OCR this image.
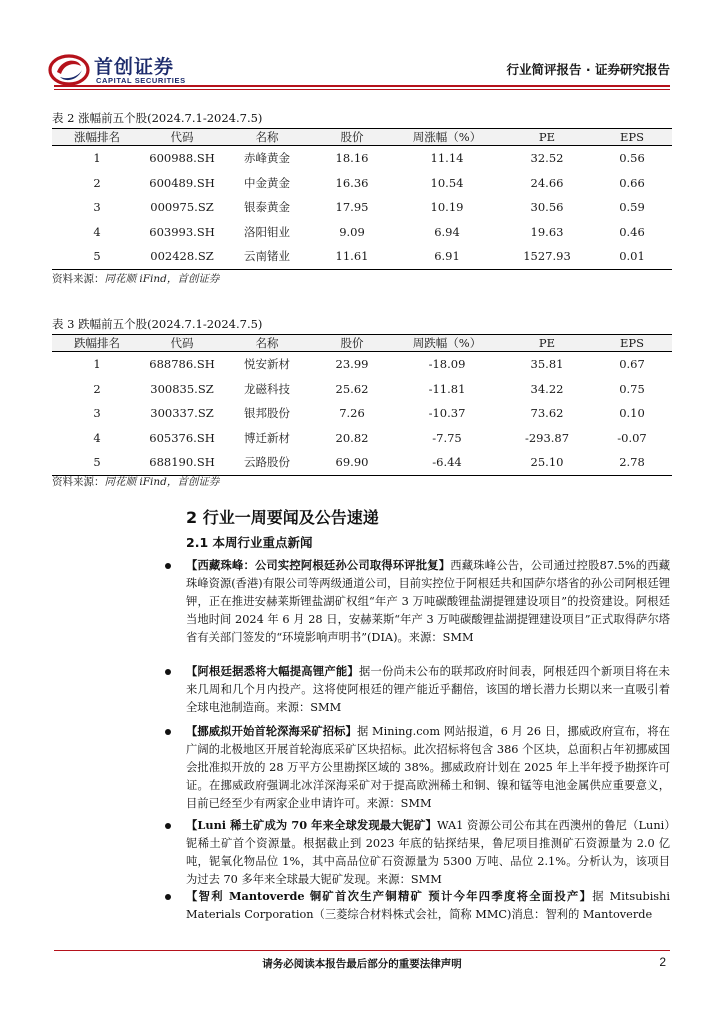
首创证券
CAPITAL SECURITIES
行业简评报告 · 证券研究报告
表 2 涨幅前五个股(2024.7.1-2024.7.5)
涨幅排名	代码	名称	股价	周涨幅（%）	PE	EPS
1	600988.SH	赤峰黄金	18.16	11.14	32.52	0.56
2	600489.SH	中金黄金	16.36	10.54	24.66	0.66
3	000975.SZ	银泰黄金	17.95	10.19	30.56	0.59
4	603993.SH	洛阳钼业	9.09	6.94	19.63	0.46
5	002428.SZ	云南锗业	11.61	6.91	1527.93	0.01
资料来源：同花顺 iFind，首创证券
表 3 跌幅前五个股(2024.7.1-2024.7.5)
跌幅排名	代码	名称	股价	周跌幅（%）	PE	EPS
1	688786.SH	悦安新材	23.99	-18.09	35.81	0.67
2	300835.SZ	龙磁科技	25.62	-11.81	34.22	0.75
3	300337.SZ	银邦股份	7.26	-10.37	73.62	0.10
4	605376.SH	博迁新材	20.82	-7.75	-293.87	-0.07
5	688190.SH	云路股份	69.90	-6.44	25.10	2.78
资料来源：同花顺 iFind，首创证券
2 行业一周要闻及公告速递
2.1 本周行业重点新闻
【西藏珠峰：公司实控阿根廷孙公司取得环评批复】西藏珠峰公告，公司通过控股87.5%的西藏珠峰资源(香港)有限公司等两级通道公司，目前实控位于阿根廷共和国萨尔塔省的孙公司阿根廷锂钾，正在推进安赫莱斯锂盐湖矿权组“年产 3 万吨碳酸锂盐湖提锂建设项目”的投资建设。阿根廷当地时间 2024 年 6 月 28 日，安赫莱斯“年产 3 万吨碳酸锂盐湖提锂建设项目”正式取得萨尔塔省有关部门签发的“环境影响声明书”(DIA)。来源：SMM
【阿根廷据悉将大幅提高锂产能】据一份尚未公布的联邦政府时间表，阿根廷四个新项目将在未来几周和几个月内投产。这将使阿根廷的锂产能近乎翻倍，该国的增长潜力长期以来一直吸引着全球电池制造商。来源：SMM
【挪威拟开始首轮深海采矿招标】据 Mining.com 网站报道，6 月 26 日，挪威政府宣布，将在广阔的北极地区开展首轮海底采矿区块招标。此次招标将包含 386 个区块，总面积占年初挪威国会批准拟开放的 28 万平方公里勘探区域的 38%。挪威政府计划在 2025 年上半年授予勘探许可证。在挪威政府强调北冰洋深海采矿对于提高欧洲稀土和铜、镍和锰等电池金属供应重要意义，目前已经至少有两家企业申请许可。来源：SMM
【Luni 稀土矿成为 70 年来全球发现最大铌矿】WA1 资源公司公布其在西澳州的鲁尼（Luni）铌稀土矿首个资源量。根据截止到 2023 年底的钻探结果，鲁尼项目推测矿石资源量为 2.0 亿吨，铌氧化物品位 1%，其中高品位矿石资源量为 5300 万吨、品位 2.1%。分析认为，该项目为过去 70 多年来全球最大铌矿发现。来源：SMM
【智利 Mantoverde 铜矿首次生产铜精矿 预计今年四季度将全面投产】据 Mitsubishi Materials Corporation（三菱综合材料株式会社，简称 MMC)消息：智利的 Mantoverde
请务必阅读本报告最后部分的重要法律声明	2
